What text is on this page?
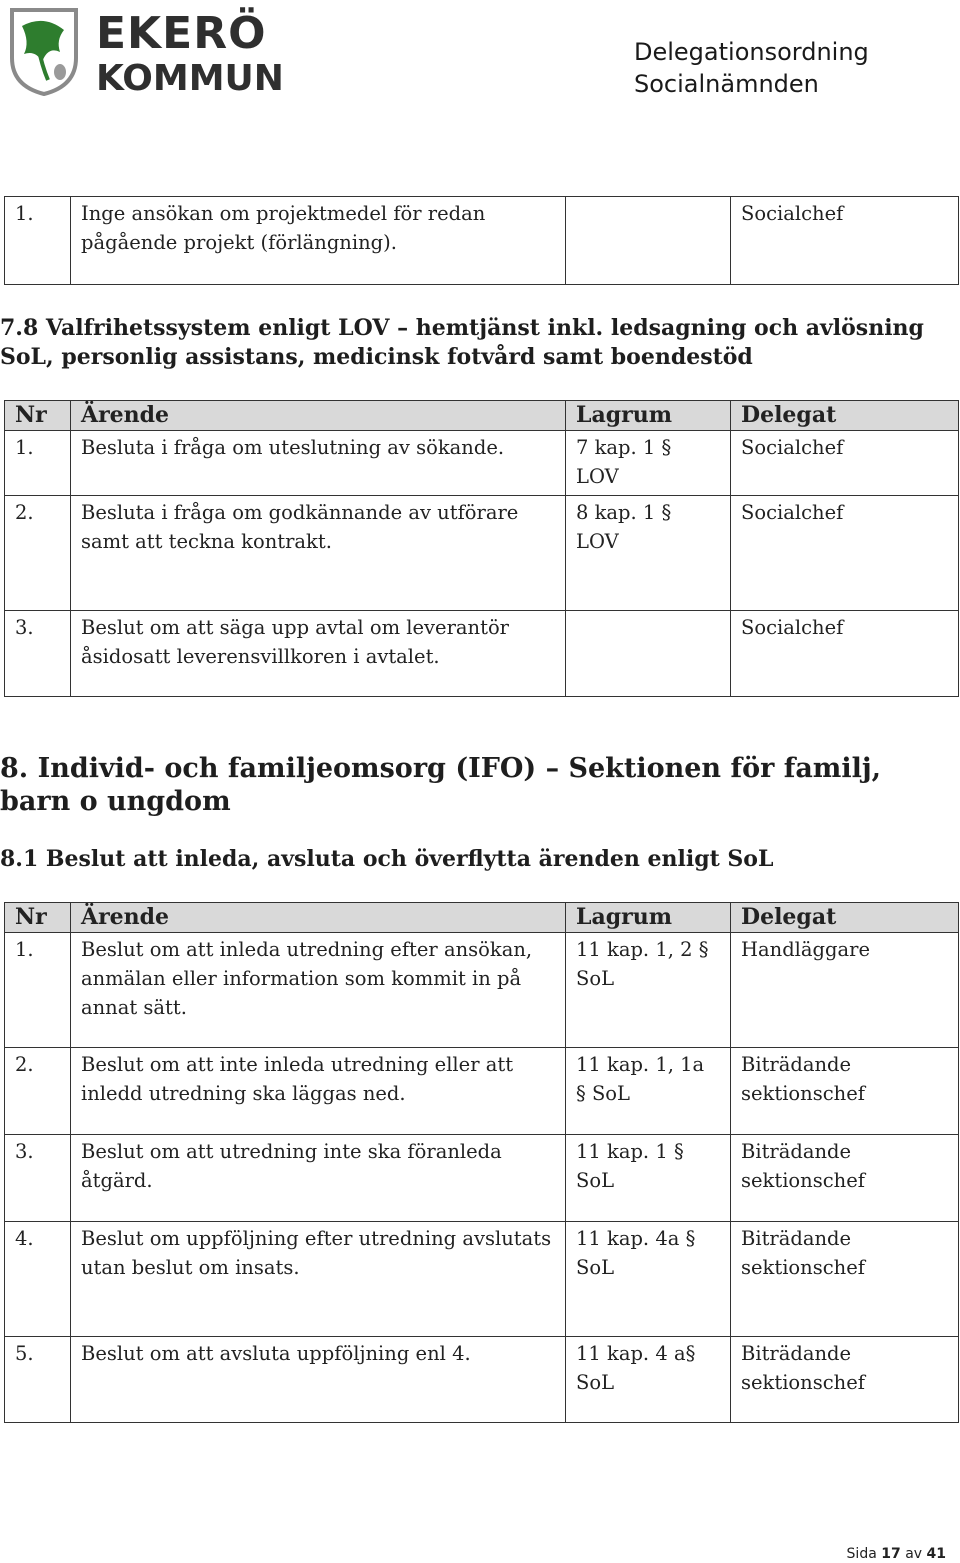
EKERÖ
KOMMUN
Delegationsordning
Socialnämnden
1.	Inge ansökan om projektmedel för redan pågående projekt (förlängning).		Socialchef
7.8 Valfrihetssystem enligt LOV – hemtjänst inkl. ledsagning och avlösning SoL, personlig assistans, medicinsk fotvård samt boendestöd
Nr	Ärende	Lagrum	Delegat
1.	Besluta i fråga om uteslutning av sökande.	7 kap. 1 § LOV	Socialchef
2.	Besluta i fråga om godkännande av utförare samt att teckna kontrakt.	8 kap. 1 § LOV	Socialchef
3.	Beslut om att säga upp avtal om leverantör åsidosatt leverensvillkoren i avtalet.		Socialchef
8. Individ- och familjeomsorg (IFO) – Sektionen för familj, barn o ungdom
8.1 Beslut att inleda, avsluta och överflytta ärenden enligt SoL
Nr	Ärende	Lagrum	Delegat
1.	Beslut om att inleda utredning efter ansökan, anmälan eller information som kommit in på annat sätt.	11 kap. 1, 2 § SoL	Handläggare
2.	Beslut om att inte inleda utredning eller att inledd utredning ska läggas ned.	11 kap. 1, 1a § SoL	Biträdande sektionschef
3.	Beslut om att utredning inte ska föranleda åtgärd.	11 kap. 1 § SoL	Biträdande sektionschef
4.	Beslut om uppföljning efter utredning avslutats utan beslut om insats.	11 kap. 4a § SoL	Biträdande sektionschef
5.	Beslut om att avsluta uppföljning enl 4.	11 kap. 4 a§ SoL	Biträdande sektionschef
Sida 17 av 41
